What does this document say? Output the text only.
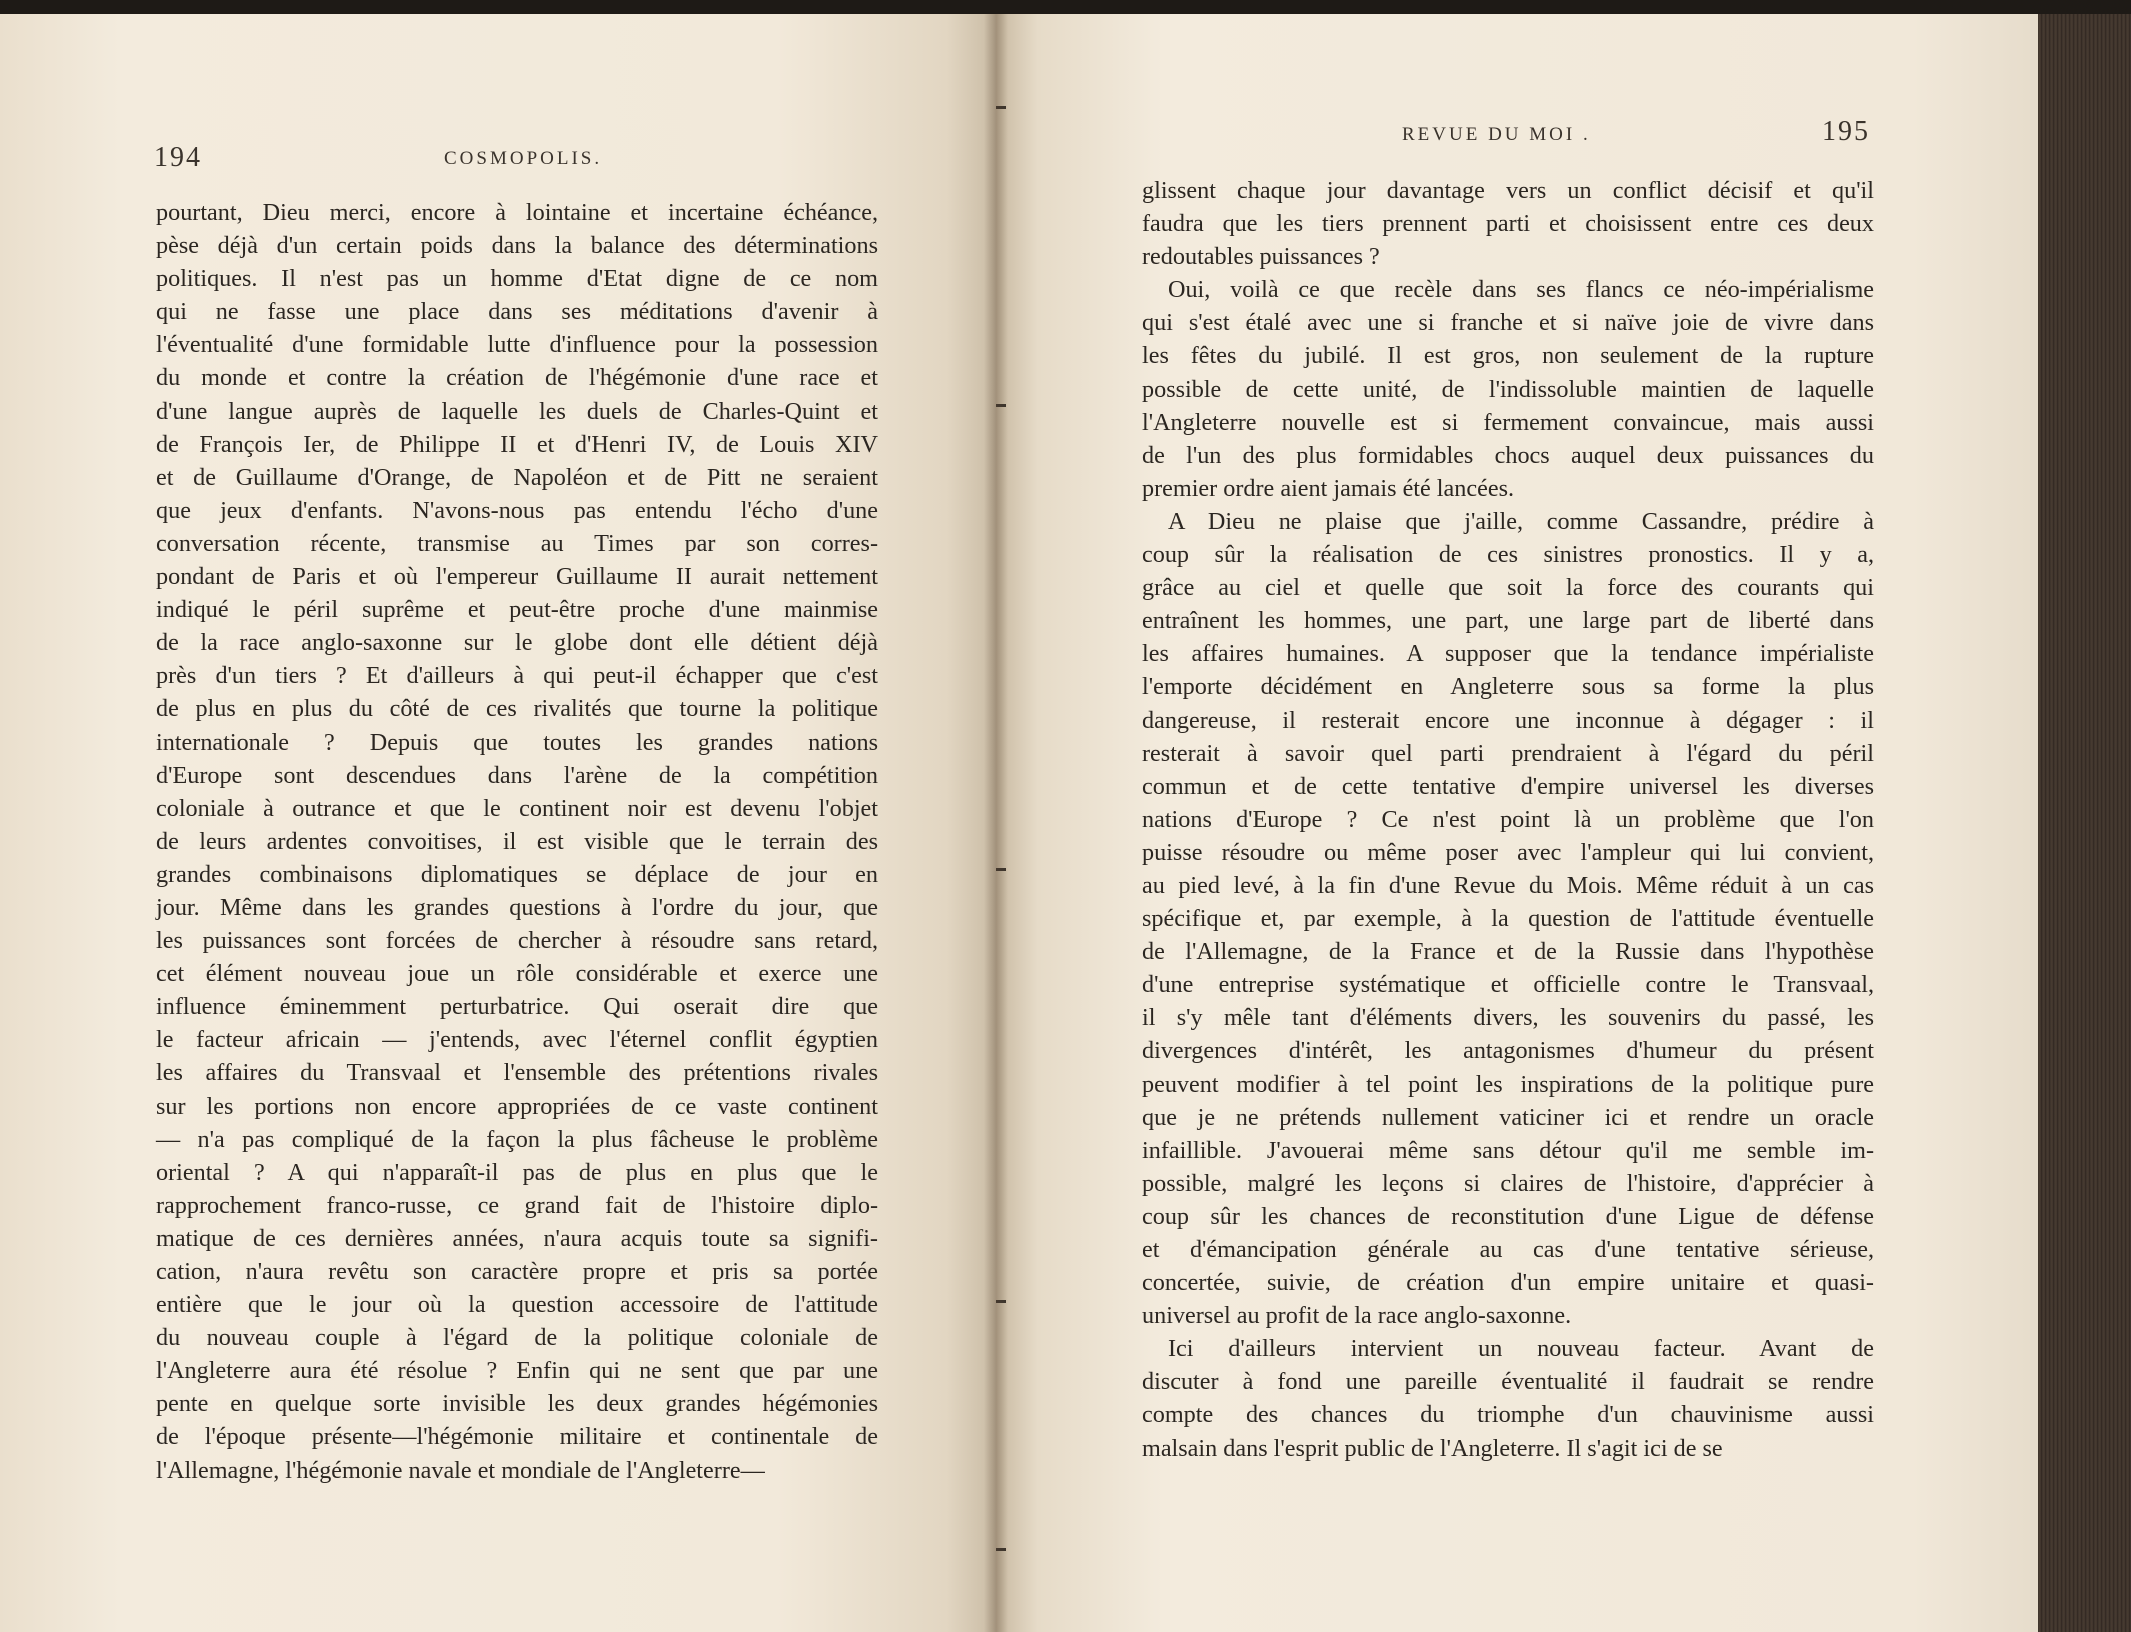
194	COSMOPOLIS.
pourtant, Dieu merci, encore à lointaine et incertaine échéance,
pèse déjà d'un certain poids dans la balance des déterminations
politiques. Il n'est pas un homme d'Etat digne de ce nom
qui ne fasse une place dans ses méditations d'avenir à
l'éventualité d'une formidable lutte d'influence pour la possession
du monde et contre la création de l'hégémonie d'une race et
d'une langue auprès de laquelle les duels de Charles-Quint et
de François Ier, de Philippe II et d'Henri IV, de Louis XIV
et de Guillaume d'Orange, de Napoléon et de Pitt ne seraient
que jeux d'enfants. N'avons-nous pas entendu l'écho d'une
conversation récente, transmise au Times par son corres-
pondant de Paris et où l'empereur Guillaume II aurait nettement
indiqué le péril suprême et peut-être proche d'une mainmise
de la race anglo-saxonne sur le globe dont elle détient déjà
près d'un tiers ? Et d'ailleurs à qui peut-il échapper que c'est
de plus en plus du côté de ces rivalités que tourne la politique
internationale ? Depuis que toutes les grandes nations
d'Europe sont descendues dans l'arène de la compétition
coloniale à outrance et que le continent noir est devenu l'objet
de leurs ardentes convoitises, il est visible que le terrain des
grandes combinaisons diplomatiques se déplace de jour en
jour. Même dans les grandes questions à l'ordre du jour, que
les puissances sont forcées de chercher à résoudre sans retard,
cet élément nouveau joue un rôle considérable et exerce une
influence éminemment perturbatrice. Qui oserait dire que
le facteur africain — j'entends, avec l'éternel conflit égyptien
les affaires du Transvaal et l'ensemble des prétentions rivales
sur les portions non encore appropriées de ce vaste continent
— n'a pas compliqué de la façon la plus fâcheuse le problème
oriental ? A qui n'apparaît-il pas de plus en plus que le
rapprochement franco-russe, ce grand fait de l'histoire diplo-
matique de ces dernières années, n'aura acquis toute sa signifi-
cation, n'aura revêtu son caractère propre et pris sa portée
entière que le jour où la question accessoire de l'attitude
du nouveau couple à l'égard de la politique coloniale de
l'Angleterre aura été résolue ? Enfin qui ne sent que par une
pente en quelque sorte invisible les deux grandes hégémonies
de l'époque présente—l'hégémonie militaire et continentale de
l'Allemagne, l'hégémonie navale et mondiale de l'Angleterre—
REVUE DU MOI .	195
glissent chaque jour davantage vers un conflict décisif et qu'il
faudra que les tiers prennent parti et choisissent entre ces deux
redoutables puissances ?
Oui, voilà ce que recèle dans ses flancs ce néo-impérialisme
qui s'est étalé avec une si franche et si naïve joie de vivre dans
les fêtes du jubilé. Il est gros, non seulement de la rupture
possible de cette unité, de l'indissoluble maintien de laquelle
l'Angleterre nouvelle est si fermement convaincue, mais aussi
de l'un des plus formidables chocs auquel deux puissances du
premier ordre aient jamais été lancées.
A Dieu ne plaise que j'aille, comme Cassandre, prédire à
coup sûr la réalisation de ces sinistres pronostics. Il y a,
grâce au ciel et quelle que soit la force des courants qui
entraînent les hommes, une part, une large part de liberté dans
les affaires humaines. A supposer que la tendance impérialiste
l'emporte décidément en Angleterre sous sa forme la plus
dangereuse, il resterait encore une inconnue à dégager : il
resterait à savoir quel parti prendraient à l'égard du péril
commun et de cette tentative d'empire universel les diverses
nations d'Europe ? Ce n'est point là un problème que l'on
puisse résoudre ou même poser avec l'ampleur qui lui convient,
au pied levé, à la fin d'une Revue du Mois. Même réduit à un cas
spécifique et, par exemple, à la question de l'attitude éventuelle
de l'Allemagne, de la France et de la Russie dans l'hypothèse
d'une entreprise systématique et officielle contre le Transvaal,
il s'y mêle tant d'éléments divers, les souvenirs du passé, les
divergences d'intérêt, les antagonismes d'humeur du présent
peuvent modifier à tel point les inspirations de la politique pure
que je ne prétends nullement vaticiner ici et rendre un oracle
infaillible. J'avouerai même sans détour qu'il me semble im-
possible, malgré les leçons si claires de l'histoire, d'apprécier à
coup sûr les chances de reconstitution d'une Ligue de défense
et d'émancipation générale au cas d'une tentative sérieuse,
concertée, suivie, de création d'un empire unitaire et quasi-
universel au profit de la race anglo-saxonne.
Ici d'ailleurs intervient un nouveau facteur. Avant de
discuter à fond une pareille éventualité il faudrait se rendre
compte des chances du triomphe d'un chauvinisme aussi
malsain dans l'esprit public de l'Angleterre. Il s'agit ici de se
